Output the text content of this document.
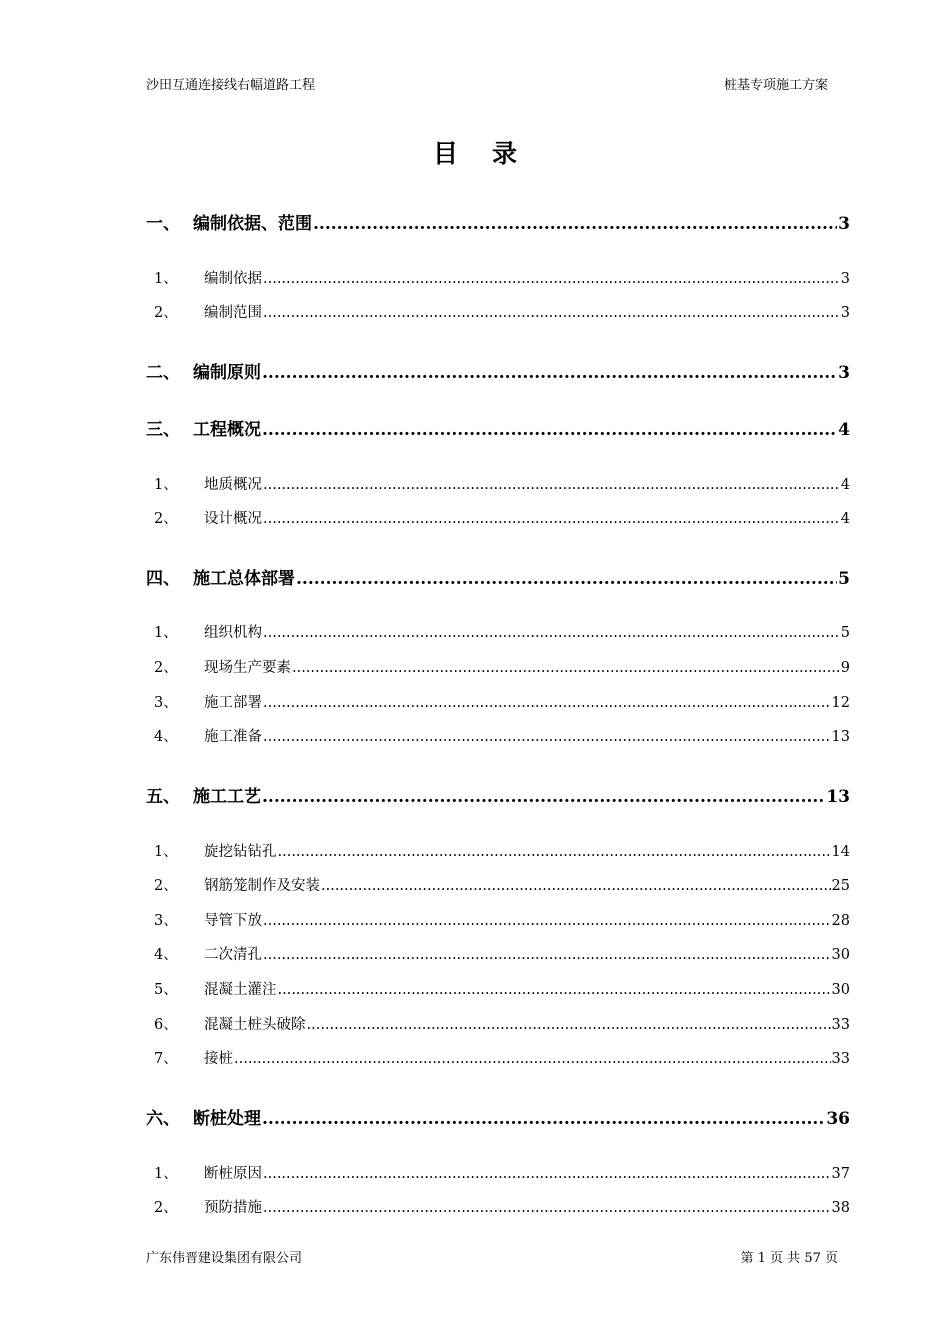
沙田互通连接线右幅道路工程	桩基专项施工方案
目录
一、 编制依据、范围 .....	3
1、	编制依据 .....	3
2、	编制范围 .....	3
二、 编制原则 .....	3
三、 工程概况 .....	4
1、	地质概况 .....	4
2、	设计概况 .....	4
四、 施工总体部署 .....	5
1、	组织机构 .....	5
2、	现场生产要素 .....	9
3、	施工部署 .....	12
4、	施工准备 .....	13
五、 施工工艺 .....	13
1、	旋挖钻钻孔 .....	14
2、	钢筋笼制作及安装 .....	25
3、	导管下放 .....	28
4、	二次清孔 .....	30
5、	混凝土灌注 .....	30
6、	混凝土桩头破除 .....	33
7、	接桩 .....	33
六、 断桩处理 .....	36
1、	断桩原因 .....	37
2、	预防措施 .....	38
广东伟晋建设集团有限公司	第 1 页 共 57 页
